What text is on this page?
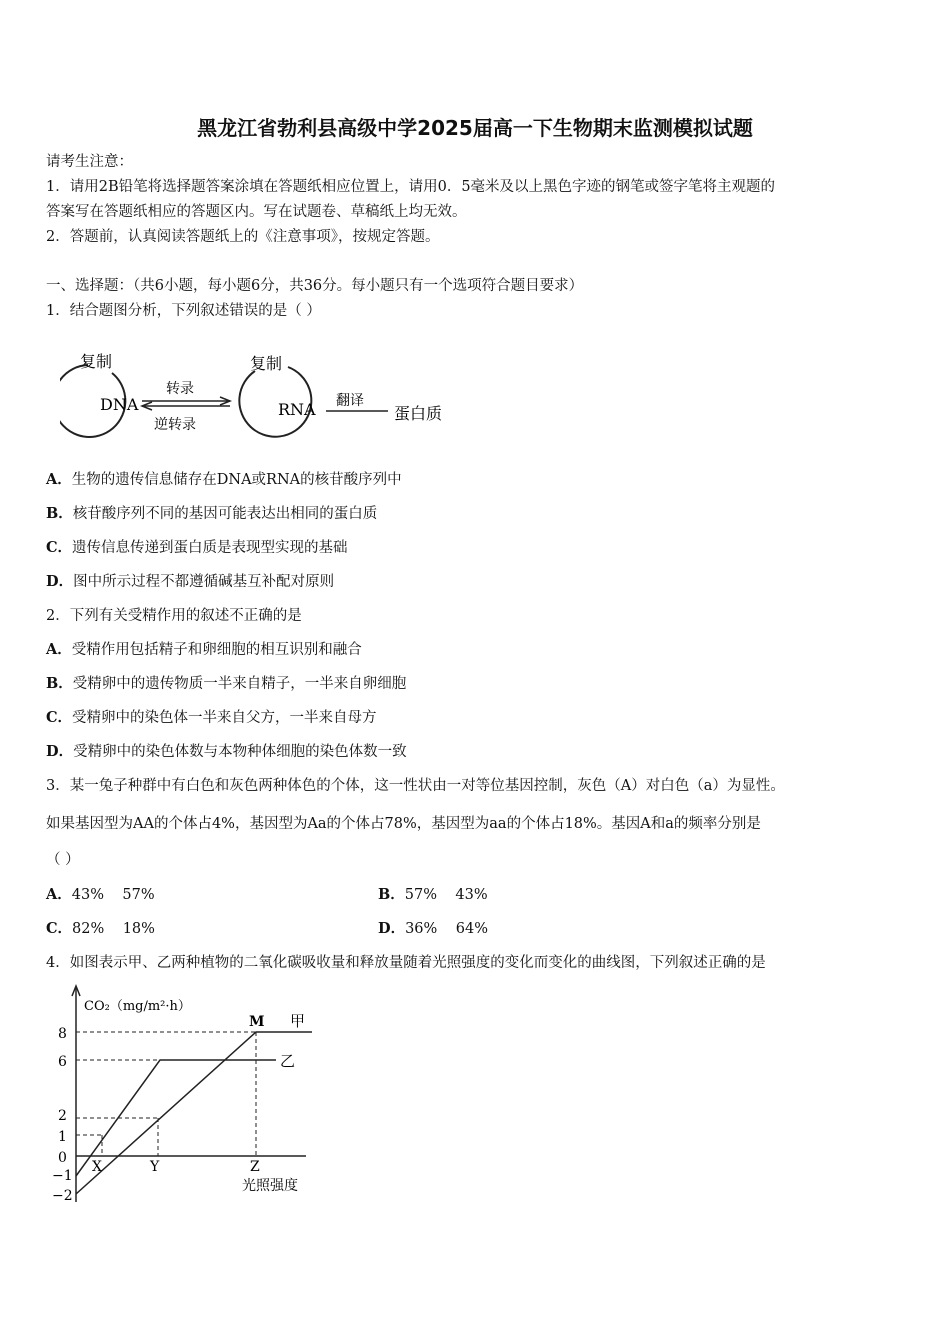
黑龙江省勃利县高级中学2025届高一下生物期末监测模拟试题
请考生注意：
1．请用2B铅笔将选择题答案涂填在答题纸相应位置上，请用0．5毫米及以上黑色字迹的钢笔或签字笔将主观题的
答案写在答题纸相应的答题区内。写在试题卷、草稿纸上均无效。
2．答题前，认真阅读答题纸上的《注意事项》，按规定答题。
一、选择题：（共6小题，每小题6分，共36分。每小题只有一个选项符合题目要求）
1．结合题图分析，下列叙述错误的是（ ）
复制
DNA
转录
逆转录
复制
RNA 翻译
蛋白质
A．生物的遗传信息储存在DNA或RNA的核苷酸序列中
B．核苷酸序列不同的基因可能表达出相同的蛋白质
C．遗传信息传递到蛋白质是表现型实现的基础
D．图中所示过程不都遵循碱基互补配对原则
2．下列有关受精作用的叙述不正确的是
A．受精作用包括精子和卵细胞的相互识别和融合
B．受精卵中的遗传物质一半来自精子，一半来自卵细胞
C．受精卵中的染色体一半来自父方，一半来自母方
D．受精卵中的染色体数与本物种体细胞的染色体数一致
3．某一兔子种群中有白色和灰色两种体色的个体，这一性状由一对等位基因控制，灰色（A）对白色（a）为显性。
如果基因型为AA的个体占4%，基因型为Aa的个体占78%，基因型为aa的个体占18%。基因A和a的频率分别是
（ ）
A．43%    57%	B．57%    43%
C．82%    18%	D．36%    64%
4．如图表示甲、乙两种植物的二氧化碳吸收量和释放量随着光照强度的变化而变化的曲线图，下列叙述正确的是
CO₂（mg/m²·h）
8
6
2
1
0
−1
−2
M 甲
乙
X	Y	Z
光照强度
